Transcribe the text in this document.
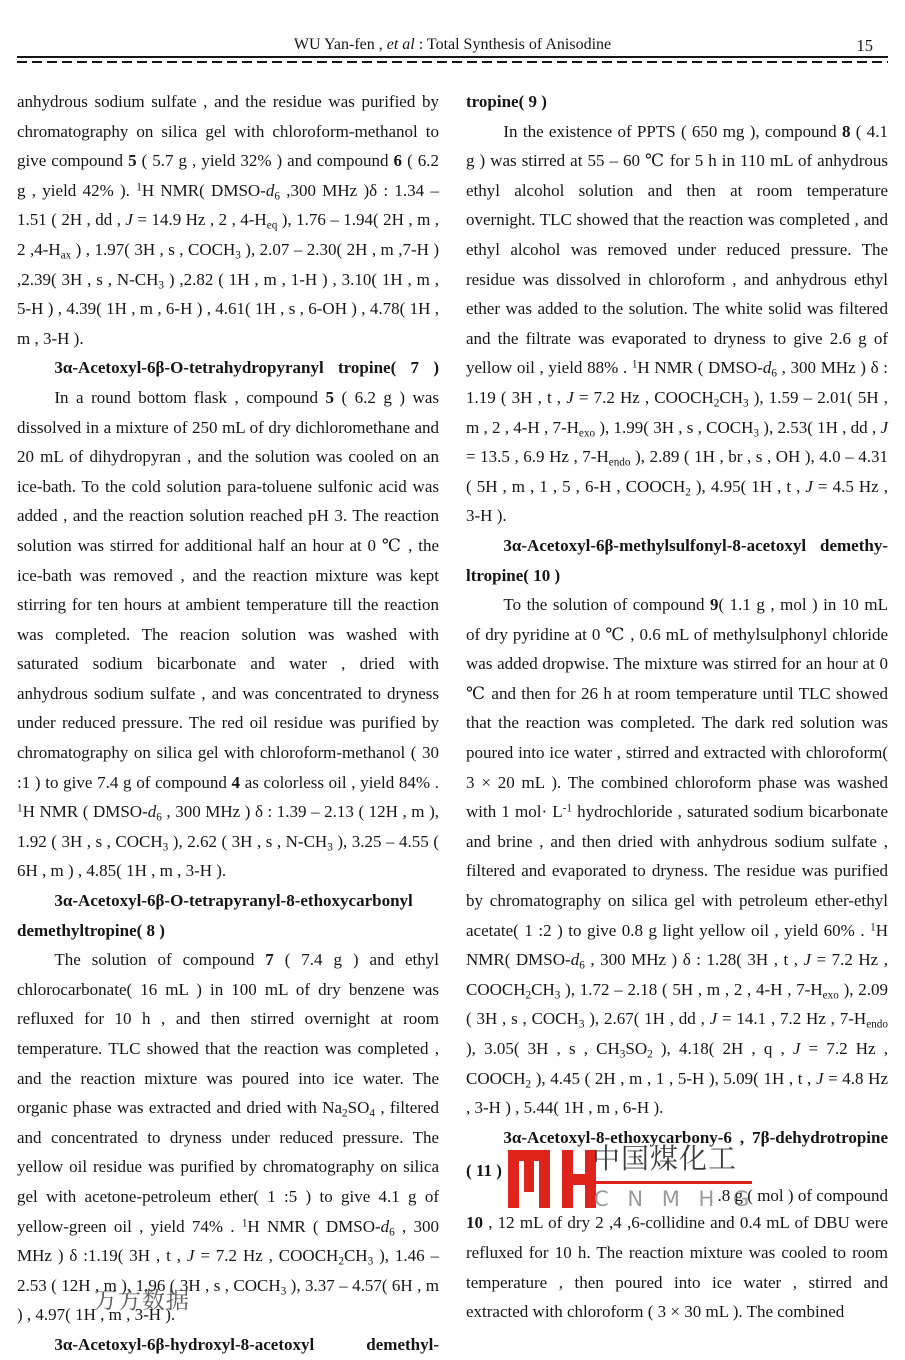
WU Yan-fen , et al : Total Synthesis of Anisodine	15

anhydrous sodium sulfate , and the residue was purified by chromatography on silica gel with chloroform-methanol to give compound 5 ( 5.7 g , yield 32% ) and compound 6 ( 6.2 g , yield 42% ). $^1$H NMR( DMSO-d6 ,300 MHz )δ : 1.34 – 1.51 ( 2H , dd , J = 14.9 Hz , 2 , 4-Heq ), 1.76 – 1.94( 2H , m , 2 ,4-Hax ) , 1.97( 3H , s , COCH3 ), 2.07 – 2.30( 2H , m ,7-H ) ,2.39( 3H , s , N-CH3 ) ,2.82 ( 1H , m , 1-H ) , 3.10( 1H , m , 5-H ) , 4.39( 1H , m , 6-H ) , 4.61( 1H , s , 6-OH ) , 4.78( 1H , m , 3-H ).

3α-Acetoxyl-6β-O-tetrahydropyranyl tropine( 7 )

In a round bottom flask , compound 5 ( 6.2 g ) was dissolved in a mixture of 250 mL of dry dichloromethane and 20 mL of dihydropyran , and the solution was cooled on an ice-bath. To the cold solution para-toluene sulfonic acid was added , and the reaction solution reached pH 3. The reaction solution was stirred for additional half an hour at 0 ℃ , the ice-bath was removed , and the reaction mixture was kept stirring for ten hours at ambient temperature till the reaction was completed. The reacion solution was washed with saturated sodium bicarbonate and water , dried with anhydrous sodium sulfate , and was concentrated to dryness under reduced pressure. The red oil residue was purified by chromatography on silica gel with chloroform-methanol ( 30 :1 ) to give 7.4 g of compound 4 as colorless oil , yield 84% . $^1$H NMR ( DMSO-d6 , 300 MHz ) δ : 1.39 – 2.13 ( 12H , m ), 1.92 ( 3H , s , COCH3 ), 2.62 ( 3H , s , N-CH3 ), 3.25 – 4.55 ( 6H , m ) , 4.85( 1H , m , 3-H ).

3α-Acetoxyl-6β-O-tetrapyranyl-8-ethoxycarbonyl
demethyltropine( 8 )

The solution of compound 7 ( 7.4 g ) and ethyl chlorocarbonate( 16 mL ) in 100 mL of dry benzene was refluxed for 10 h , and then stirred overnight at room temperature. TLC showed that the reaction was completed , and the reaction mixture was poured into ice water. The organic phase was extracted and dried with Na2SO4 , filtered and concentrated to dryness under reduced pressure. The yellow oil residue was purified by chromatography on silica gel with acetone-petroleum ether( 1 :5 ) to give 4.1 g of yellow-green oil , yield 74% . $^1$H NMR ( DMSO-d6 , 300 MHz ) δ :1.19( 3H , t , J = 7.2 Hz , COOCH2CH3 ), 1.46 – 2.53 ( 12H , m ), 1.96 ( 3H , s , COCH3 ), 3.37 – 4.57( 6H , m ) , 4.97( 1H , m , 3-H ).

3α-Acetoxyl-6β-hydroxyl-8-acetoxyl	demethyl-
tropine( 9 )

In the existence of PPTS ( 650 mg ), compound 8 ( 4.1 g ) was stirred at 55 – 60 ℃ for 5 h in 110 mL of anhydrous ethyl alcohol solution and then at room temperature overnight. TLC showed that the reaction was completed , and ethyl alcohol was removed under reduced pressure. The residue was dissolved in chloroform , and anhydrous ethyl ether was added to the solution. The white solid was filtered and the filtrate was evaporated to dryness to give 2.6 g of yellow oil , yield 88% . $^1$H NMR ( DMSO-d6 , 300 MHz ) δ : 1.19 ( 3H , t , J = 7.2 Hz , COOCH2CH3 ), 1.59 – 2.01( 5H , m , 2 , 4-H , 7-Hexo ), 1.99( 3H , s , COCH3 ), 2.53( 1H , dd , J = 13.5 , 6.9 Hz , 7-Hendo ), 2.89 ( 1H , br , s , OH ), 4.0 – 4.31 ( 5H , m , 1 , 5 , 6-H , COOCH2 ), 4.95( 1H , t , J = 4.5 Hz , 3-H ).

3α-Acetoxyl-6β-methylsulfonyl-8-acetoxyl demethy-
ltropine( 10 )

To the solution of compound 9( 1.1 g , mol ) in 10 mL of dry pyridine at 0 ℃ , 0.6 mL of methylsulphonyl chloride was added dropwise. The mixture was stirred for an hour at 0 ℃ and then for 26 h at room temperature until TLC showed that the reaction was completed. The dark red solution was poured into ice water , stirred and extracted with chloroform( 3 × 20 mL ). The combined chloroform phase was washed with 1 $mol\cdot L^{-1}$ hydrochloride , saturated sodium bicarbonate and brine , and then dried with anhydrous sodium sulfate , filtered and evaporated to dryness. The residue was purified by chromatography on silica gel with petroleum ether-ethyl acetate( 1 :2 ) to give 0.8 g light yellow oil , yield 60% . $^1$H NMR( DMSO-d6 , 300 MHz ) δ : 1.28( 3H , t , J = 7.2 Hz , COOCH2CH3 ), 1.72 – 2.18 ( 5H , m , 2 , 4-H , 7-Hexo ), 2.09 ( 3H , s , COCH3 ), 2.67( 1H , dd , J = 14.1 , 7.2 Hz , 7-Hendo ), 3.05( 3H , s , CH3SO2 ), 4.18( 2H , q , J = 7.2 Hz , COOCH2 ), 4.45 ( 2H , m , 1 , 5-H ), 5.09( 1H , t , J = 4.8 Hz , 3-H ) , 5.44( 1H , m , 6-H ).

3α-Acetoxyl-8-ethoxycarbony-6 , 7β-dehydrotropine
( 11 )	中国煤化工
C N M H G
.8 g ( mol ) of compound

10 , 12 mL of dry 2 ,4 ,6-collidine and 0.4 mL of DBU were refluxed for 10 h. The reaction mixture was cooled to room temperature , then poured into ice water , stirred and extracted with chloroform ( 3 × 30 mL ). The combined

万方数据
